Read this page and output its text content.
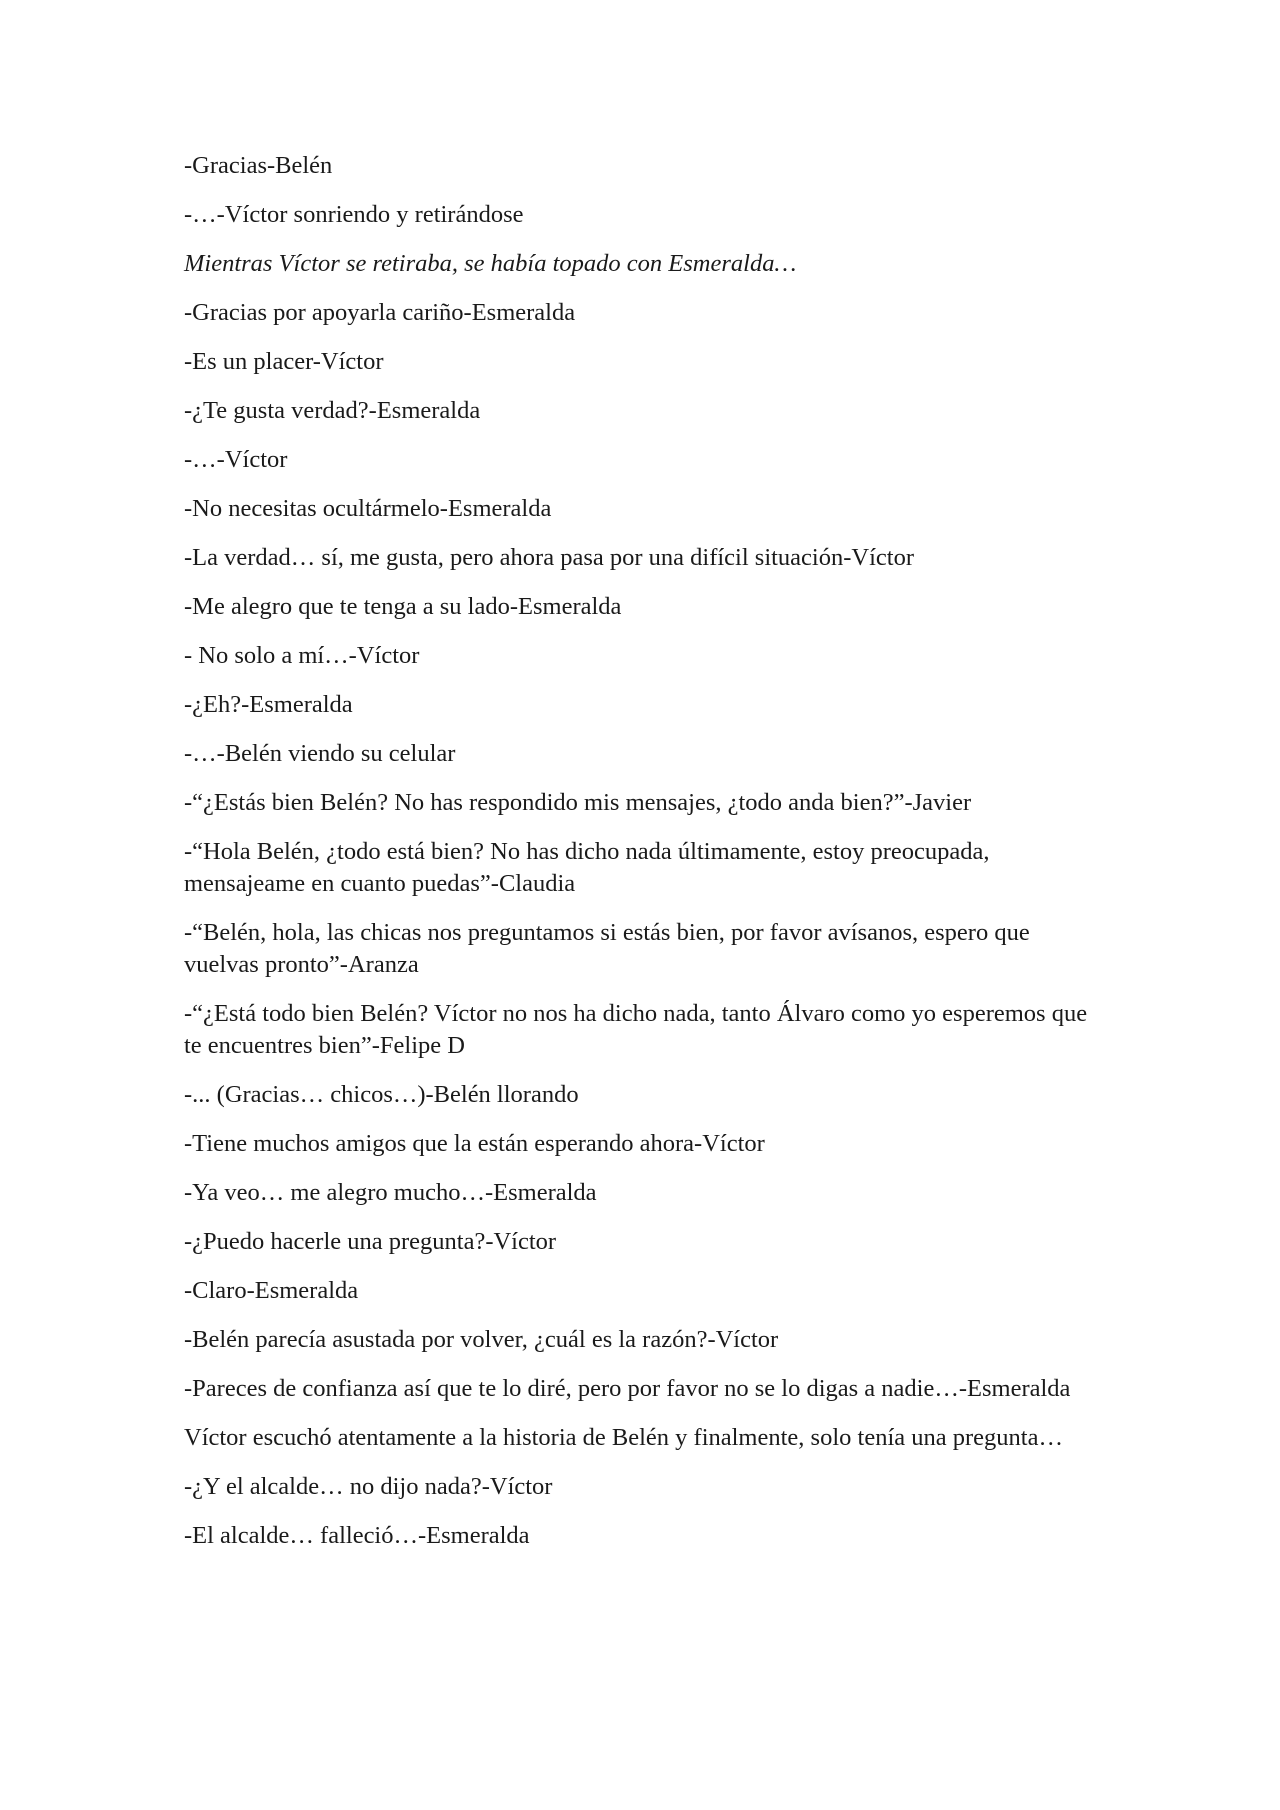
-Gracias-Belén

-…-Víctor sonriendo y retirándose

Mientras Víctor se retiraba, se había topado con Esmeralda…

-Gracias por apoyarla cariño-Esmeralda

-Es un placer-Víctor

-¿Te gusta verdad?-Esmeralda

-…-Víctor

-No necesitas ocultármelo-Esmeralda

-La verdad… sí, me gusta, pero ahora pasa por una difícil situación-Víctor

-Me alegro que te tenga a su lado-Esmeralda

- No solo a mí…-Víctor

-¿Eh?-Esmeralda

-…-Belén viendo su celular

-“¿Estás bien Belén? No has respondido mis mensajes, ¿todo anda bien?”-Javier

-“Hola Belén, ¿todo está bien? No has dicho nada últimamente, estoy preocupada, mensajeame en cuanto puedas”-Claudia

-“Belén, hola, las chicas nos preguntamos si estás bien, por favor avísanos, espero que vuelvas pronto”-Aranza

-“¿Está todo bien Belén? Víctor no nos ha dicho nada, tanto Álvaro como yo esperemos que te encuentres bien”-Felipe D

-... (Gracias… chicos…)-Belén llorando

-Tiene muchos amigos que la están esperando ahora-Víctor

-Ya veo… me alegro mucho…-Esmeralda

-¿Puedo hacerle una pregunta?-Víctor

-Claro-Esmeralda

-Belén parecía asustada por volver, ¿cuál es la razón?-Víctor

-Pareces de confianza así que te lo diré, pero por favor no se lo digas a nadie…-Esmeralda

Víctor escuchó atentamente a la historia de Belén y finalmente, solo tenía una pregunta…

-¿Y el alcalde… no dijo nada?-Víctor

-El alcalde… falleció…-Esmeralda
